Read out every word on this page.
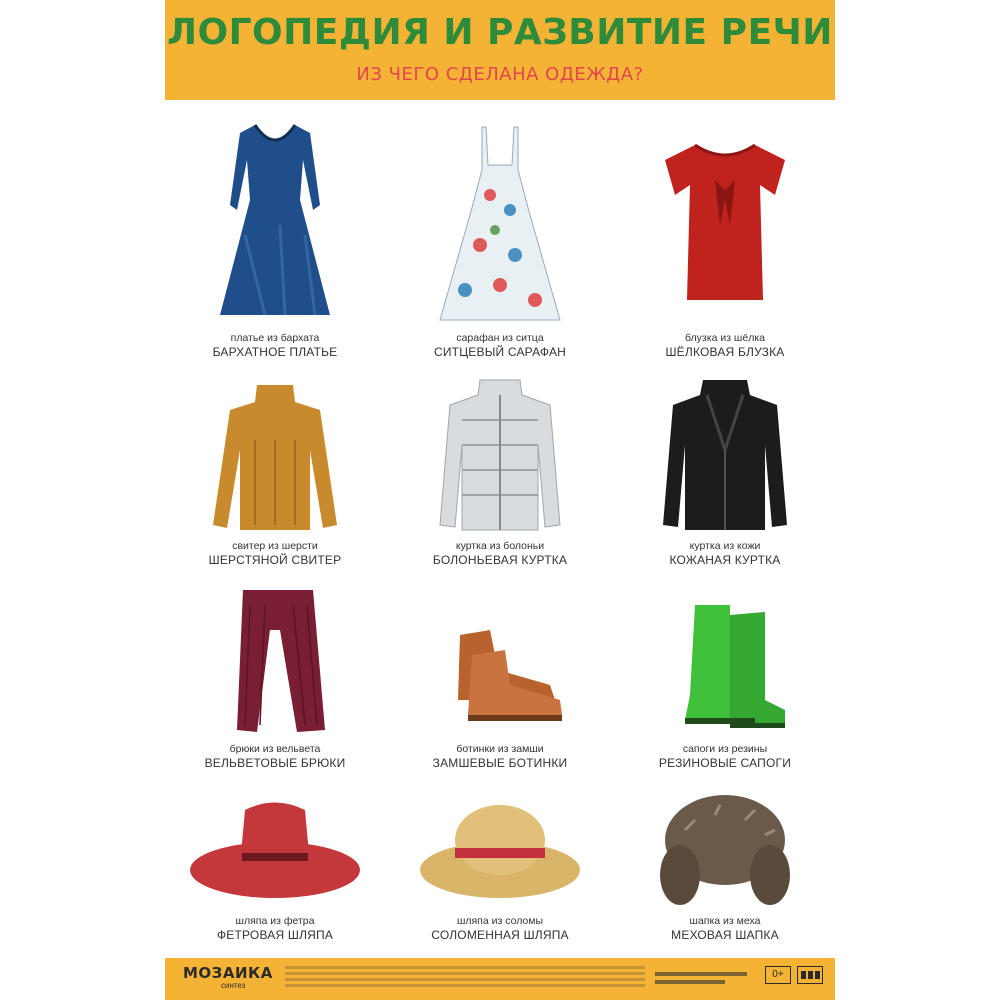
ЛОГОПЕДИЯ И РАЗВИТИЕ РЕЧИ
ИЗ ЧЕГО СДЕЛАНА ОДЕЖДА?
платье из бархата
БАРХАТНОЕ ПЛАТЬЕ
сарафан из ситца
СИТЦЕВЫЙ САРАФАН
блузка из шёлка
ШЁЛКОВАЯ БЛУЗКА
свитер из шерсти
ШЕРСТЯНОЙ СВИТЕР
куртка из болоньи
БОЛОНЬЕВАЯ КУРТКА
куртка из кожи
КОЖАНАЯ КУРТКА
брюки из вельвета
ВЕЛЬВЕТОВЫЕ БРЮКИ
ботинки из замши
ЗАМШЕВЫЕ БОТИНКИ
сапоги из резины
РЕЗИНОВЫЕ САПОГИ
шляпа из фетра
ФЕТРОВАЯ ШЛЯПА
шляпа из соломы
СОЛОМЕННАЯ ШЛЯПА
шапка из меха
МЕХОВАЯ ШАПКА
МОЗАИКА
синтез
0+
